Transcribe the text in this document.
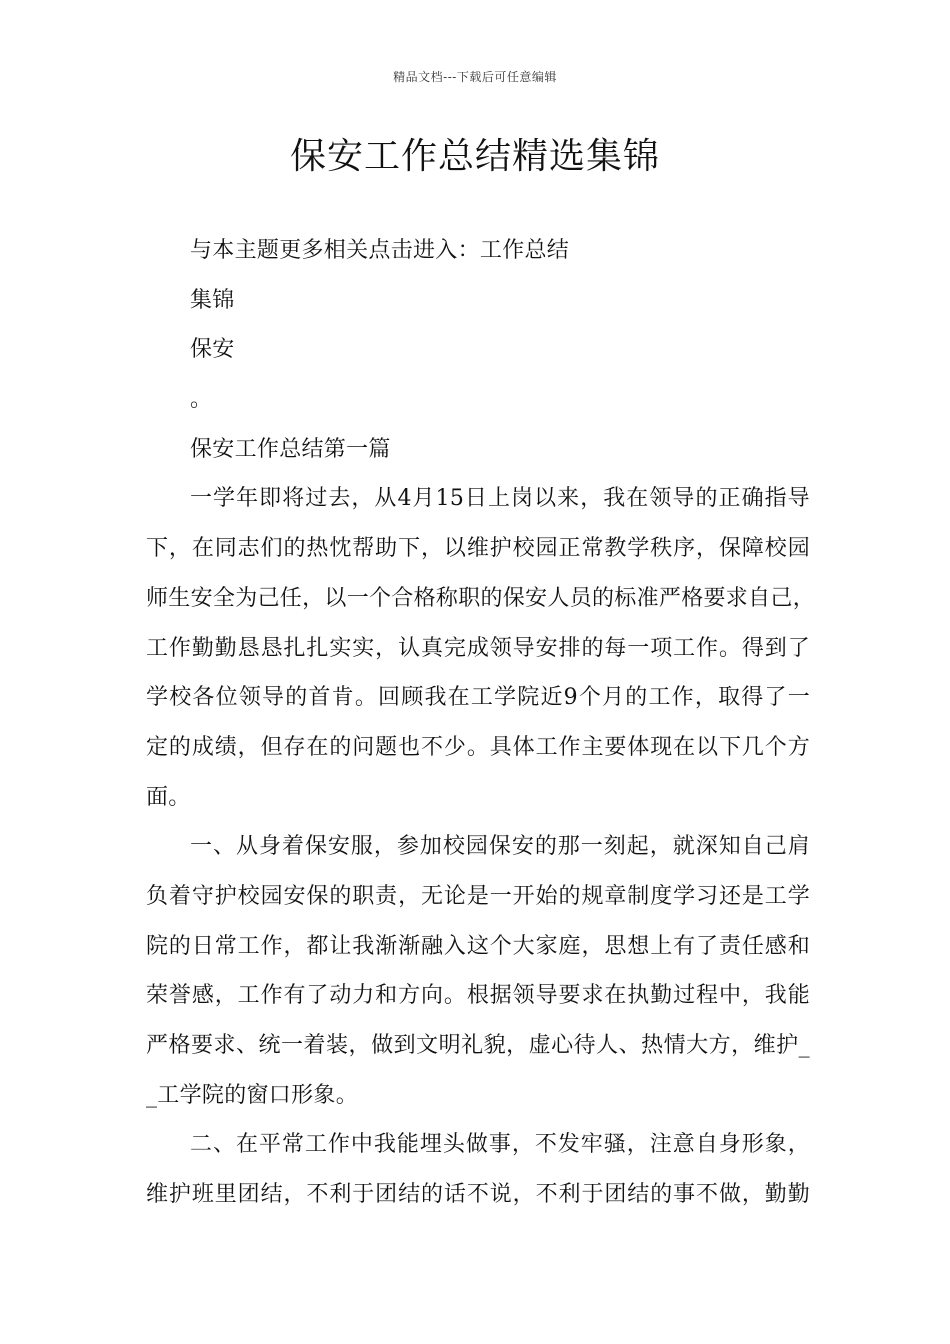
精品文档---下载后可任意编辑
保安工作总结精选集锦
与本主题更多相关点击进入：工作总结
集锦
保安
。
保安工作总结第一篇
一学年即将过去，从4月15日上岗以来，我在领导的正确指导
下，在同志们的热忱帮助下，以维护校园正常教学秩序，保障校园
师生安全为己任，以一个合格称职的保安人员的标准严格要求自己，
工作勤勤恳恳扎扎实实，认真完成领导安排的每一项工作。得到了
学校各位领导的首肯。回顾我在工学院近9个月的工作，取得了一
定的成绩，但存在的问题也不少。具体工作主要体现在以下几个方
面。
一、从身着保安服，参加校园保安的那一刻起，就深知自己肩
负着守护校园安保的职责，无论是一开始的规章制度学习还是工学
院的日常工作，都让我渐渐融入这个大家庭，思想上有了责任感和
荣誉感，工作有了动力和方向。根据领导要求在执勤过程中，我能
严格要求、统一着装，做到文明礼貌，虚心待人、热情大方，维护_
_工学院的窗口形象。
二、在平常工作中我能埋头做事，不发牢骚，注意自身形象，
维护班里团结，不利于团结的话不说，不利于团结的事不做，勤勤
